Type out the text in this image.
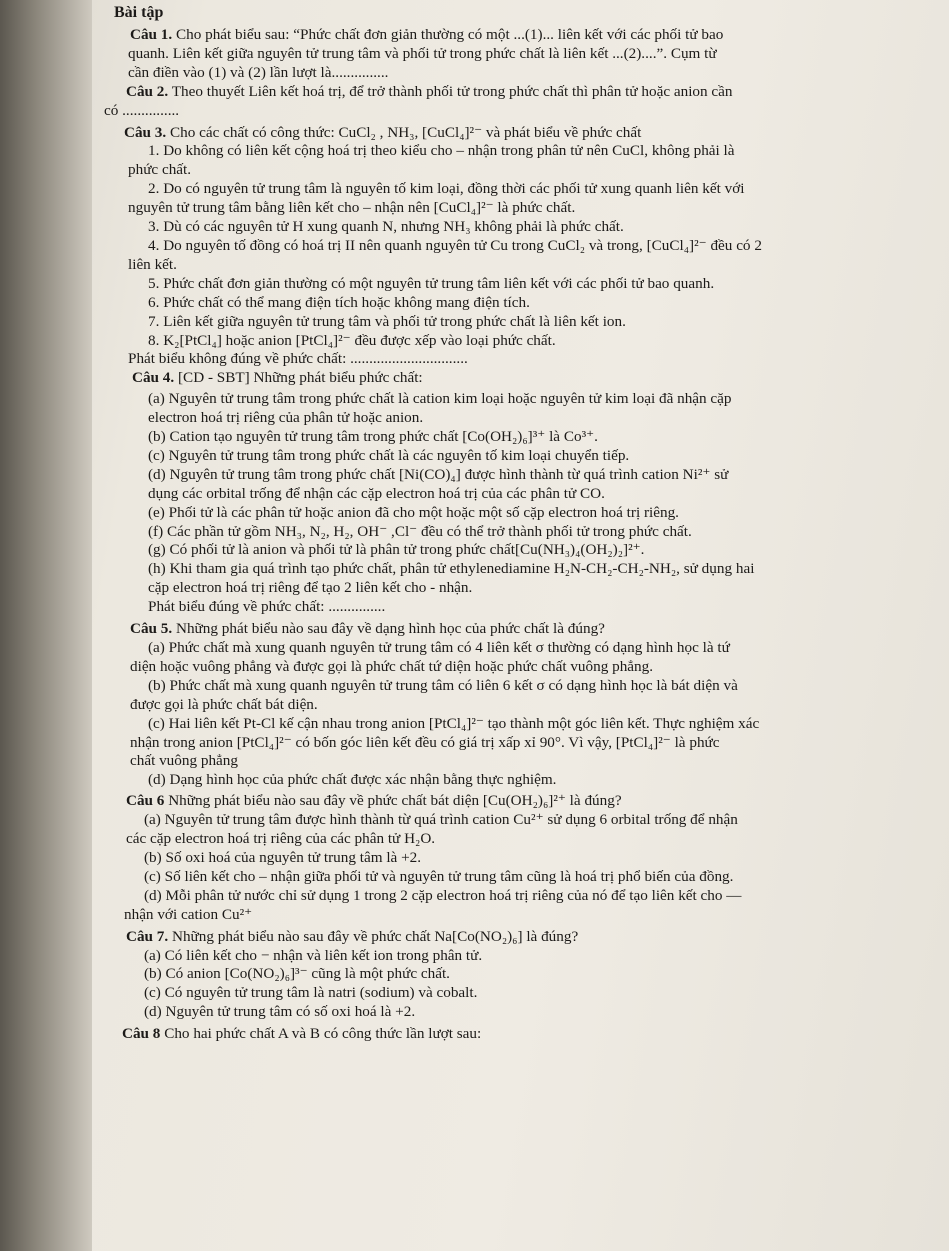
Bài tập
Câu 1. Cho phát biểu sau: “Phức chất đơn giản thường có một ...(1)... liên kết với các phối tử bao
quanh. Liên kết giữa nguyên tử trung tâm và phối tử trong phức chất là liên kết ...(2)....”. Cụm từ
cần điền vào (1) và (2) lần lượt là...............
Câu 2. Theo thuyết Liên kết hoá trị, để trở thành phối tử trong phức chất thì phân tử hoặc anion cần
có ...............
Câu 3. Cho các chất có công thức: CuCl₂ , NH₃, [CuCl₄]²⁻ và phát biểu về phức chất
1. Do không có liên kết cộng hoá trị theo kiểu cho – nhận trong phân tử nên CuCl, không phải là
phức chất.
2. Do có nguyên tử trung tâm là nguyên tố kim loại, đồng thời các phối tử xung quanh liên kết với
nguyên tử trung tâm bằng liên kết cho – nhận nên [CuCl₄]²⁻ là phức chất.
3. Dù có các nguyên tử H xung quanh N, nhưng NH₃ không phải là phức chất.
4. Do nguyên tố đồng có hoá trị II nên quanh nguyên tử Cu trong CuCl₂ và trong, [CuCl₄]²⁻ đều có 2
liên kết.
5. Phức chất đơn giản thường có một nguyên tử trung tâm liên kết với các phối tử bao quanh.
6. Phức chất có thể mang điện tích hoặc không mang điện tích.
7. Liên kết giữa nguyên tử trung tâm và phối tử trong phức chất là liên kết ion.
8. K₂[PtCl₄] hoặc anion [PtCl₄]²⁻ đều được xếp vào loại phức chất.
Phát biểu không đúng về phức chất: ...............................
Câu 4. [CD - SBT] Những phát biểu phức chất:
(a) Nguyên tử trung tâm trong phức chất là cation kim loại hoặc nguyên tử kim loại đã nhận cặp
electron hoá trị riêng của phân tử hoặc anion.
(b) Cation tạo nguyên tử trung tâm trong phức chất [Co(OH₂)₆]³⁺ là Co³⁺.
(c) Nguyên tử trung tâm trong phức chất là các nguyên tố kim loại chuyển tiếp.
(d) Nguyên tử trung tâm trong phức chất [Ni(CO)₄] được hình thành từ quá trình cation Ni²⁺ sử
dụng các orbital trống để nhận các cặp electron hoá trị của các phân tử CO.
(e) Phối tử là các phân tử hoặc anion đã cho một hoặc một số cặp electron hoá trị riêng.
(f) Các phần tử gồm NH₃, N₂, H₂, OH⁻ ,Cl⁻ đều có thể trở thành phối tử trong phức chất.
(g) Có phối tử là anion và phối tử là phân tử trong phức chất[Cu(NH₃)₄(OH₂)₂]²⁺.
(h) Khi tham gia quá trình tạo phức chất, phân tử ethylenediamine H₂N-CH₂-CH₂-NH₂, sử dụng hai
cặp electron hoá trị riêng để tạo 2 liên kết cho - nhận.
Phát biểu đúng về phức chất: ...............
Câu 5. Những phát biểu nào sau đây về dạng hình học của phức chất là đúng?
(a) Phức chất mà xung quanh nguyên tử trung tâm có 4 liên kết σ thường có dạng hình học là tứ
diện hoặc vuông phẳng và được gọi là phức chất tứ diện hoặc phức chất vuông phẳng.
(b) Phức chất mà xung quanh nguyên tử trung tâm có liên 6 kết σ có dạng hình học là bát diện và
được gọi là phức chất bát diện.
(c) Hai liên kết Pt-Cl kế cận nhau trong anion [PtCl₄]²⁻ tạo thành một góc liên kết. Thực nghiệm xác
nhận trong anion [PtCl₄]²⁻ có bốn góc liên kết đều có giá trị xấp xỉ 90°. Vì vậy, [PtCl₄]²⁻ là phức
chất vuông phẳng
(d) Dạng hình học của phức chất được xác nhận bằng thực nghiệm.
Câu 6 Những phát biểu nào sau đây về phức chất bát diện [Cu(OH₂)₆]²⁺ là đúng?
(a) Nguyên tử trung tâm được hình thành từ quá trình cation Cu²⁺ sử dụng 6 orbital trống để nhận
các cặp electron hoá trị riêng của các phân tử H₂O.
(b) Số oxi hoá của nguyên tử trung tâm là +2.
(c) Số liên kết cho – nhận giữa phối tử và nguyên tử trung tâm cũng là hoá trị phổ biến của đồng.
(d) Mỗi phân tử nước chỉ sử dụng 1 trong 2 cặp electron hoá trị riêng của nó để tạo liên kết cho —
nhận với cation Cu²⁺
Câu 7. Những phát biểu nào sau đây về phức chất Na[Co(NO₂)₆] là đúng?
(a) Có liên kết cho − nhận và liên kết ion trong phân tử.
(b) Có anion [Co(NO₂)₆]³⁻ cũng là một phức chất.
(c) Có nguyên tử trung tâm là natri (sodium) và cobalt.
(d) Nguyên tử trung tâm có số oxi hoá là +2.
Câu 8 Cho hai phức chất A và B có công thức lần lượt sau:
